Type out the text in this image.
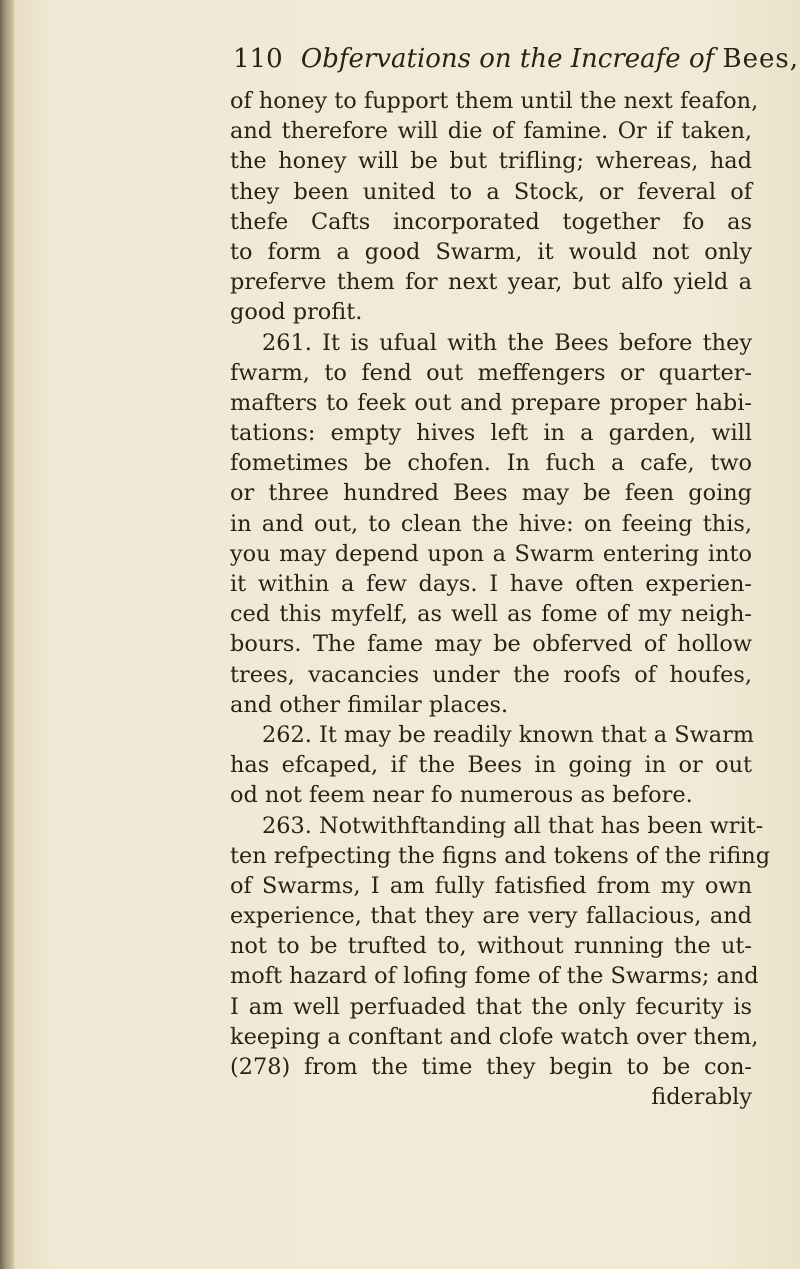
110 Obfervations on the Increafe of Bees,
of honey to fupport them until the next feafon,
and therefore will die of famine. Or if taken,
the honey will be but trifling; whereas, had
they been united to a Stock, or feveral of
thefe Cafts incorporated together fo as
to form a good Swarm, it would not only
preferve them for next year, but alfo yield a
good profit.
261. It is ufual with the Bees before they
fwarm, to fend out meffengers or quarter-
mafters to feek out and prepare proper habi-
tations: empty hives left in a garden, will
fometimes be chofen. In fuch a cafe, two
or three hundred Bees may be feen going
in and out, to clean the hive: on feeing this,
you may depend upon a Swarm entering into
it within a few days. I have often experien-
ced this myfelf, as well as fome of my neigh-
bours. The fame may be obferved of hollow
trees, vacancies under the roofs of houfes,
and other fimilar places.
262. It may be readily known that a Swarm
has efcaped, if the Bees in going in or out
od not feem near fo numerous as before.
263. Notwithftanding all that has been writ-
ten refpecting the figns and tokens of the rifing
of Swarms, I am fully fatisfied from my own
experience, that they are very fallacious, and
not to be trufted to, without running the ut-
moft hazard of lofing fome of the Swarms; and
I am well perfuaded that the only fecurity is
keeping a conftant and clofe watch over them,
(278) from the time they begin to be con-
fiderably
